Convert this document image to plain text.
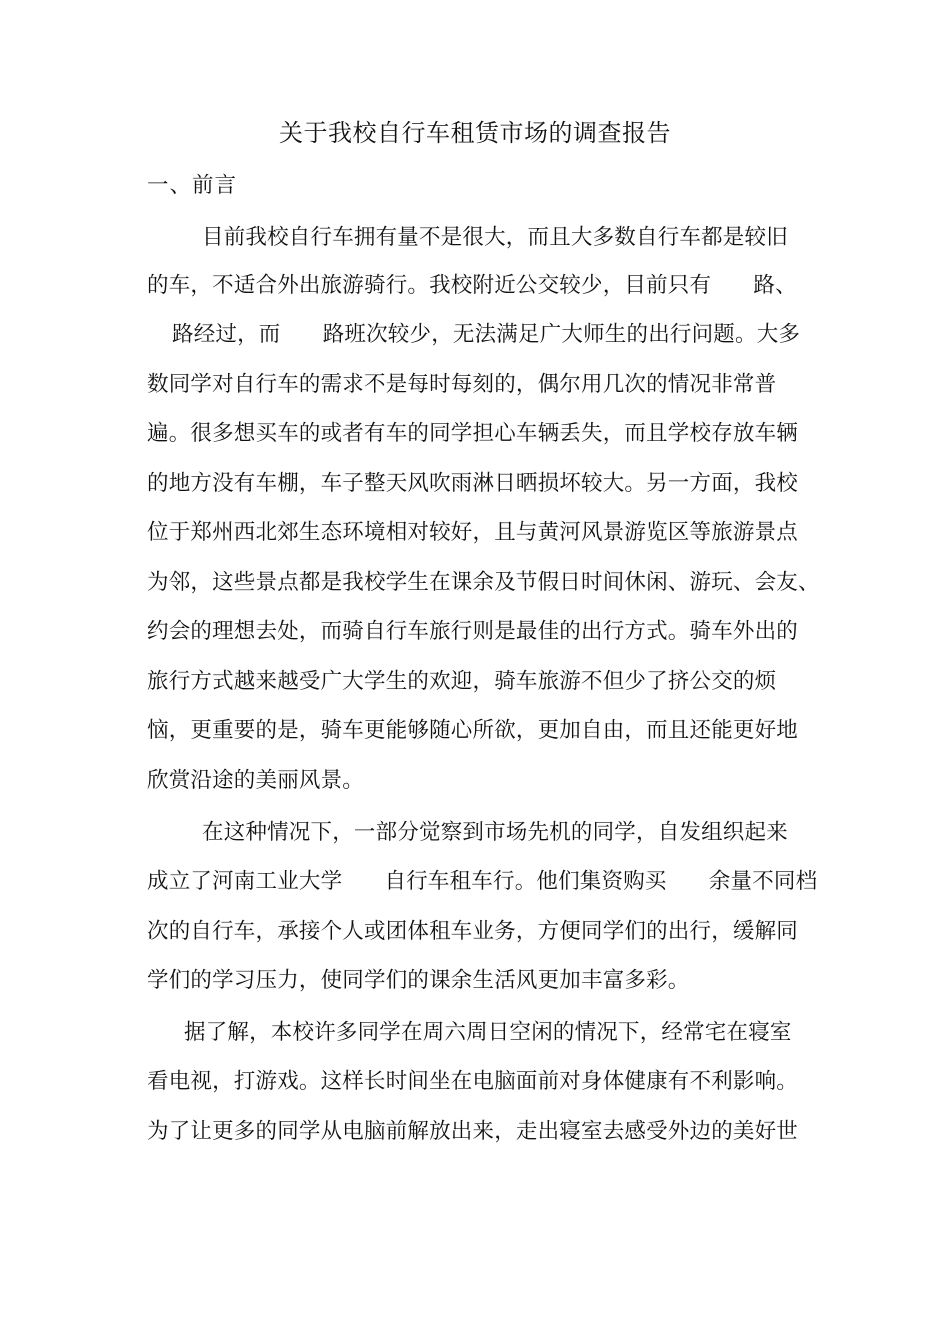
关于我校自行车租赁市场的调查报告
一、前言
目前我校自行车拥有量不是很大，而且大多数自行车都是较旧
的车，不适合外出旅游骑行。我校附近公交较少，目前只有      路、
路经过，而      路班次较少，无法满足广大师生的出行问题。大多
数同学对自行车的需求不是每时每刻的，偶尔用几次的情况非常普
遍。很多想买车的或者有车的同学担心车辆丢失，而且学校存放车辆
的地方没有车棚，车子整天风吹雨淋日晒损坏较大。另一方面，我校
位于郑州西北郊生态环境相对较好，且与黄河风景游览区等旅游景点
为邻，这些景点都是我校学生在课余及节假日时间休闲、游玩、会友、
约会的理想去处，而骑自行车旅行则是最佳的出行方式。骑车外出的
旅行方式越来越受广大学生的欢迎，骑车旅游不但少了挤公交的烦
恼，更重要的是，骑车更能够随心所欲，更加自由，而且还能更好地
欣赏沿途的美丽风景。
在这种情况下，一部分觉察到市场先机的同学，自发组织起来
成立了河南工业大学      自行车租车行。他们集资购买      余量不同档
次的自行车，承接个人或团体租车业务，方便同学们的出行，缓解同
学们的学习压力，使同学们的课余生活风更加丰富多彩。
据了解，本校许多同学在周六周日空闲的情况下，经常宅在寝室
看电视，打游戏。这样长时间坐在电脑面前对身体健康有不利影响。
为了让更多的同学从电脑前解放出来，走出寝室去感受外边的美好世
